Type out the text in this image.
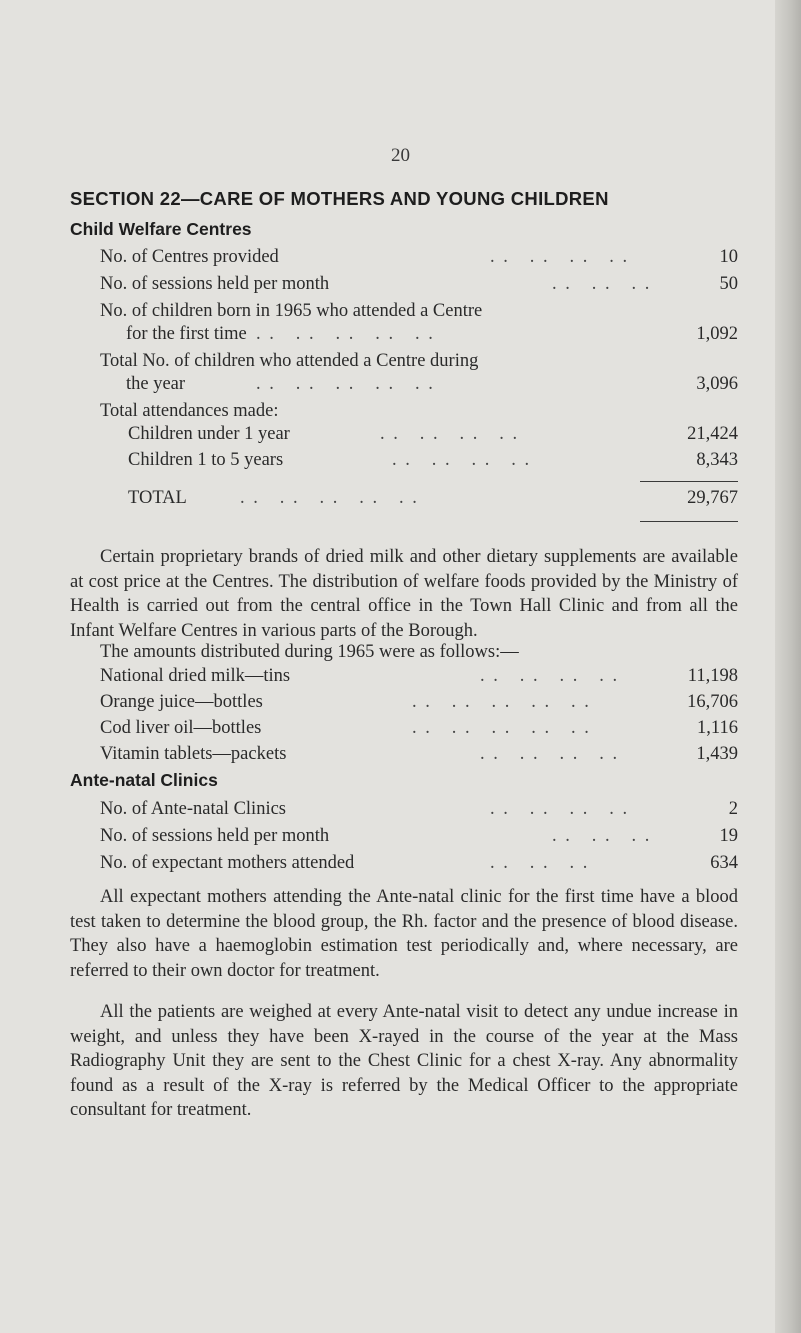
20
SECTION 22—CARE OF MOTHERS AND YOUNG CHILDREN
Child Welfare Centres
No. of Centres provided	. .   . .   . .   . .	10
No. of sessions held per month	. .   . .   . .	50
No. of children born in 1965 who attended a Centre
for the first time . .   . .   . .   . .   . .	1,092
Total No. of children who attended a Centre during
the year	. .   . .   . .   . .   . .	3,096
Total attendances made:
Children under 1 year	. .   . .   . .   . .	21,424
Children 1 to 5 years	. .   . .   . .   . .	8,343
TOTAL	. .   . .   . .   . .   . .	29,767
Certain proprietary brands of dried milk and other dietary supplements are available at cost price at the Centres. The distribution of welfare foods provided by the Ministry of Health is carried out from the central office in the Town Hall Clinic and from all the Infant Welfare Centres in various parts of the Borough.
The amounts distributed during 1965 were as follows:—
National dried milk—tins	. .   . .   . .   . .	11,198
Orange juice—bottles	. .   . .   . .   . .   . .	16,706
Cod liver oil—bottles	. .   . .   . .   . .   . .	1,116
Vitamin tablets—packets	. .   . .   . .   . .	1,439
Ante-natal Clinics
No. of Ante-natal Clinics	. .   . .   . .   . .	2
No. of sessions held per month	. .   . .   . .	19
No. of expectant mothers attended	. .   . .   . .	634
All expectant mothers attending the Ante-natal clinic for the first time have a blood test taken to determine the blood group, the Rh. factor and the presence of blood disease. They also have a haemoglobin estimation test periodically and, where necessary, are referred to their own doctor for treatment.
All the patients are weighed at every Ante-natal visit to detect any undue increase in weight, and unless they have been X-rayed in the course of the year at the Mass Radiography Unit they are sent to the Chest Clinic for a chest X-ray. Any abnormality found as a result of the X-ray is referred by the Medical Officer to the appropriate consultant for treatment.
